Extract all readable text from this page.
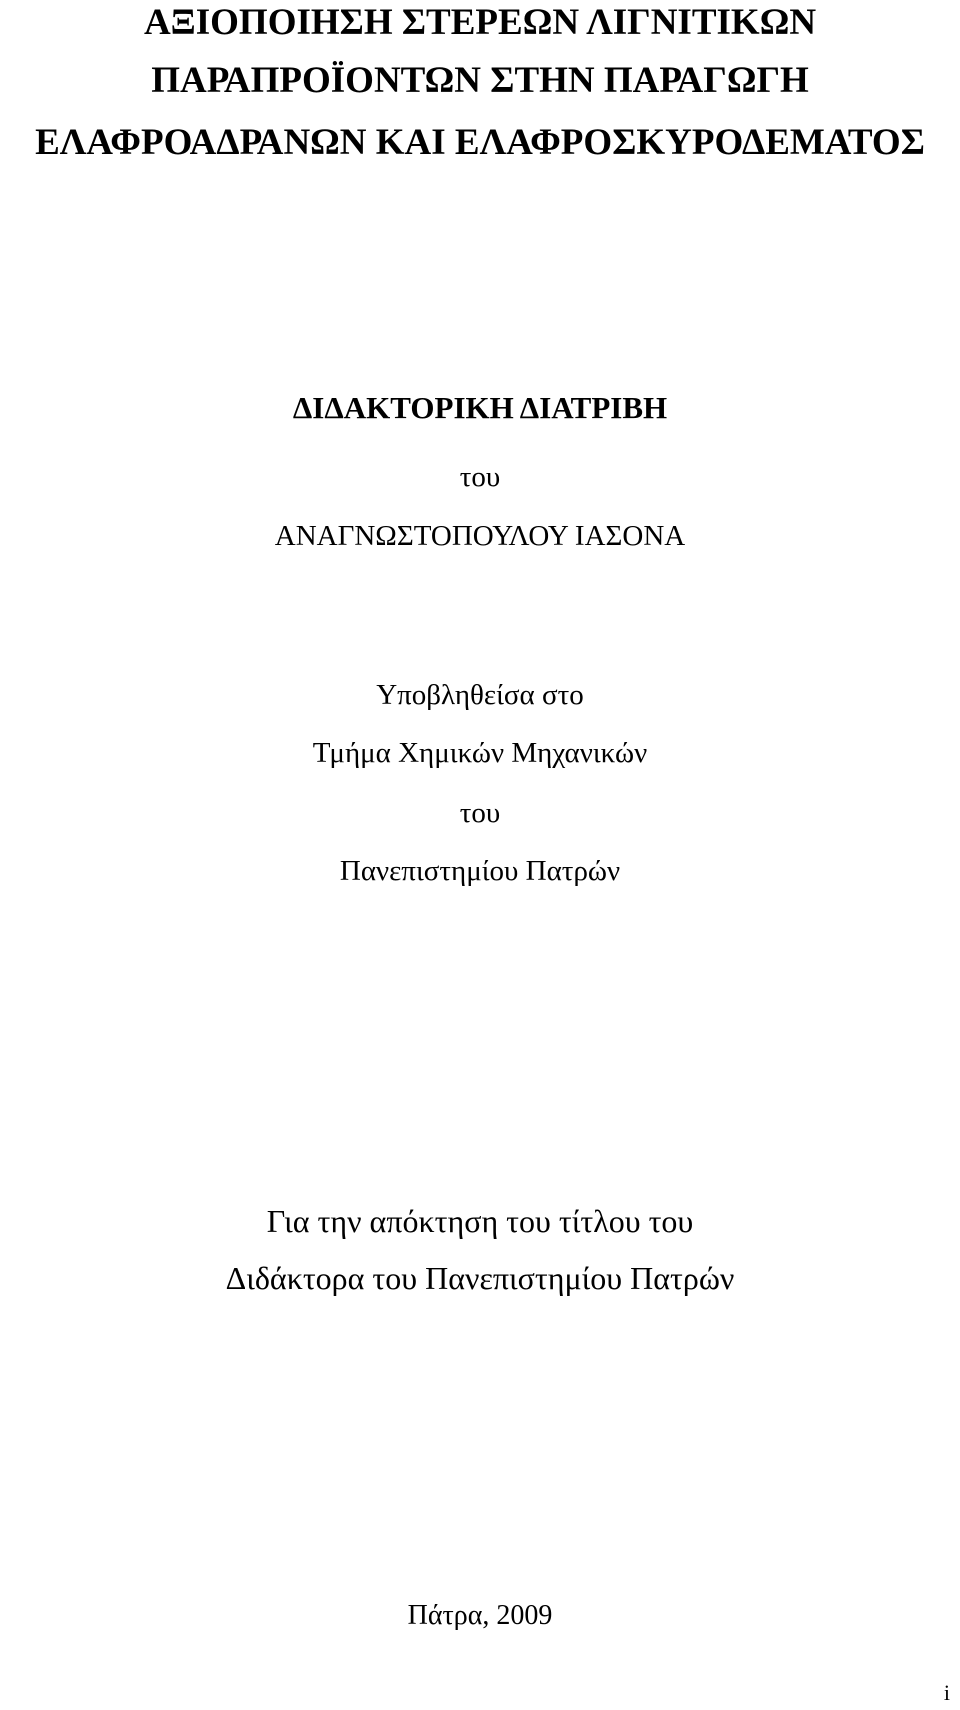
ΑΞΙΟΠΟΙΗΣΗ ΣΤΕΡΕΩΝ ΛΙΓΝΙΤΙΚΩΝ
ΠΑΡΑΠΡΟΪΟΝΤΩΝ ΣΤΗΝ ΠΑΡΑΓΩΓΗ
ΕΛΑΦΡΟΑΔΡΑΝΩΝ ΚΑΙ ΕΛΑΦΡΟΣΚΥΡΟΔΕΜΑΤΟΣ
ΔΙΔΑΚΤΟΡΙΚΗ ΔΙΑΤΡΙΒΗ
του
ΑΝΑΓΝΩΣΤΟΠΟΥΛΟΥ ΙΑΣΟΝΑ
Υποβληθείσα στο
Τμήμα Χημικών Μηχανικών
του
Πανεπιστημίου Πατρών
Για την απόκτηση του τίτλου του
Διδάκτορα του Πανεπιστημίου Πατρών
Πάτρα, 2009
i
